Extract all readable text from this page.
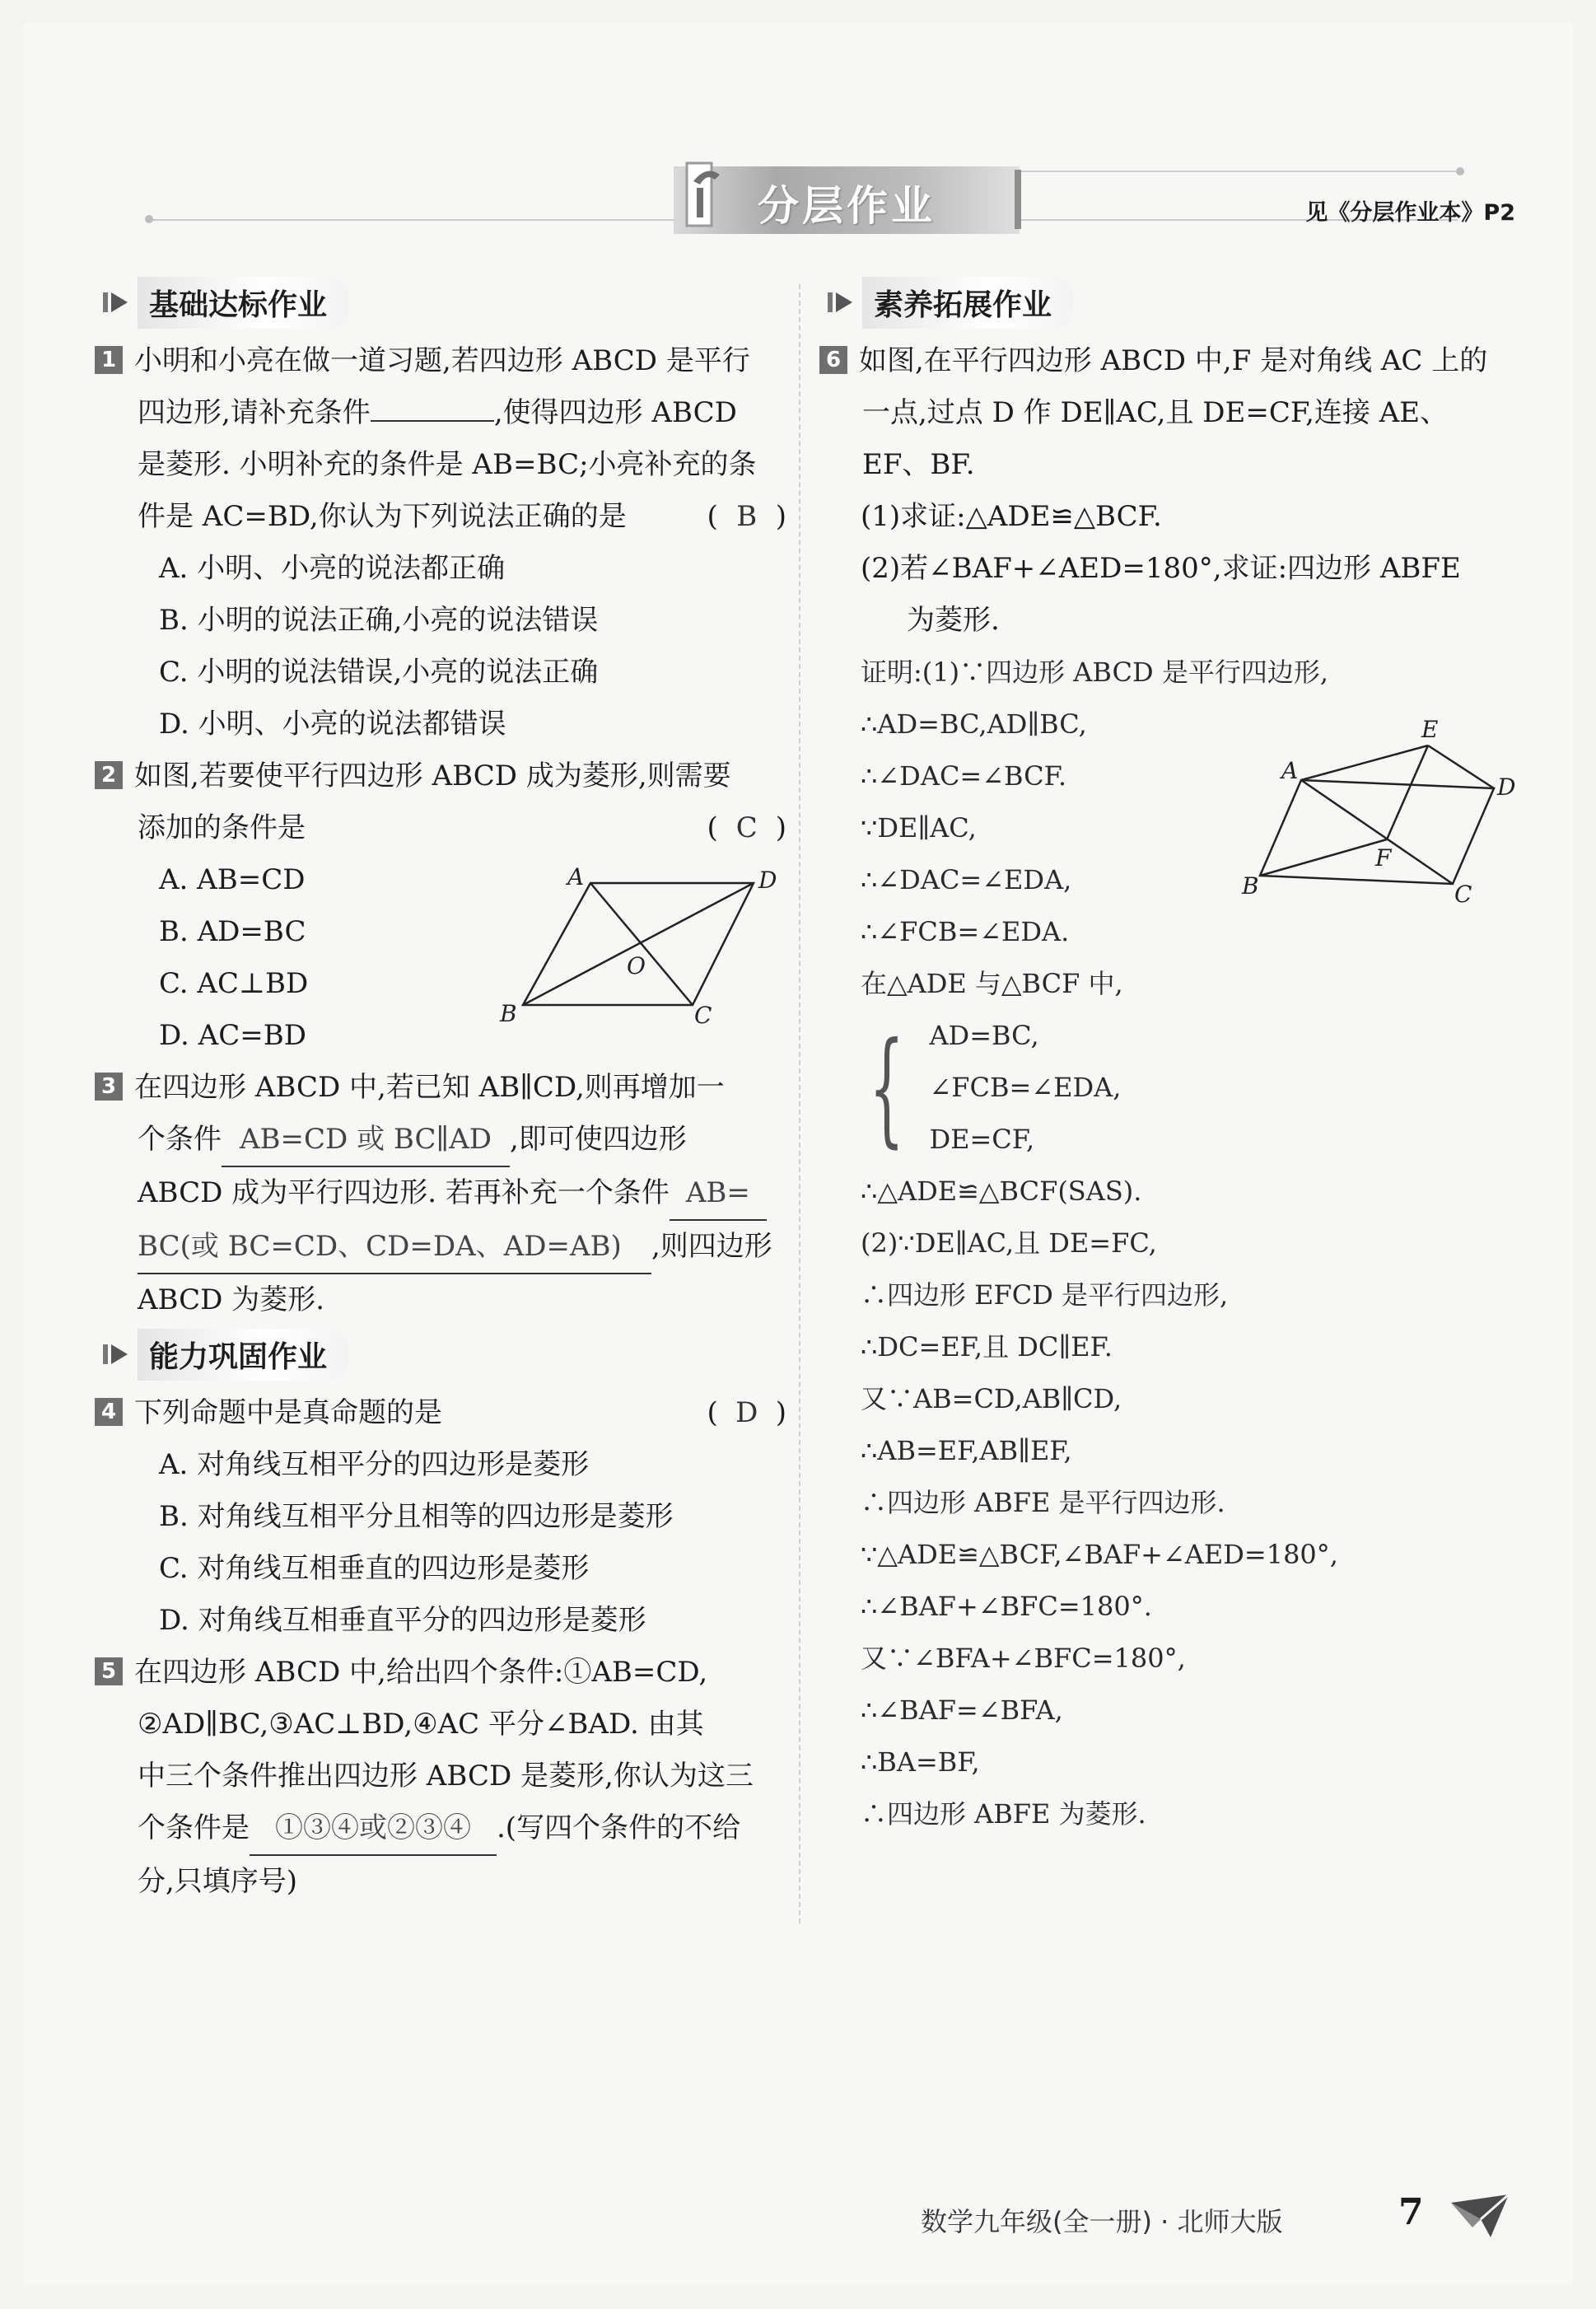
分层作业	见《分层作业本》P2
基础达标作业
1 小明和小亮在做一道习题,若四边形 ABCD 是平行
四边形,请补充条件	,使得四边形 ABCD
是菱形. 小明补充的条件是 AB=BC;小亮补充的条
件是 AC=BD,你认为下列说法正确的是	( B )
A. 小明、小亮的说法都正确
B. 小明的说法正确,小亮的说法错误
C. 小明的说法错误,小亮的说法正确
D. 小明、小亮的说法都错误
2 如图,若要使平行四边形 ABCD 成为菱形,则需要
添加的条件是	( C )
A. AB=CD
B. AD=BC
C. AC⊥BD
D. AC=BD
3 在四边形 ABCD 中,若已知 AB∥CD,则再增加一
个条件 AB=CD 或 BC∥AD ,即可使四边形
ABCD 成为平行四边形. 若再补充一个条件 AB=
BC(或 BC=CD、CD=DA、AD=AB) ,则四边形
ABCD 为菱形.
能力巩固作业
4 下列命题中是真命题的是	( D )
A. 对角线互相平分的四边形是菱形
B. 对角线互相平分且相等的四边形是菱形
C. 对角线互相垂直的四边形是菱形
D. 对角线互相垂直平分的四边形是菱形
5 在四边形 ABCD 中,给出四个条件:①AB=CD,
②AD∥BC,③AC⊥BD,④AC 平分∠BAD. 由其
中三个条件推出四边形 ABCD 是菱形,你认为这三
个条件是 ①③④或②③④ .(写四个条件的不给
分,只填序号)
A	D
B	C
O
素养拓展作业
6 如图,在平行四边形 ABCD 中,F 是对角线 AC 上的
一点,过点 D 作 DE∥AC,且 DE=CF,连接 AE、
EF、BF.
(1)求证:△ADE≌△BCF.
(2)若∠BAF+∠AED=180°,求证:四边形 ABFE
为菱形.
证明:(1)∵四边形 ABCD 是平行四边形,
∴AD=BC,AD∥BC,
∴∠DAC=∠BCF.
∵DE∥AC,
∴∠DAC=∠EDA,
∴∠FCB=∠EDA.
在△ADE 与△BCF 中,
{ AD=BC,
∠FCB=∠EDA,
DE=CF,
∴△ADE≌△BCF(SAS).
(2)∵DE∥AC,且 DE=FC,
∴四边形 EFCD 是平行四边形,
∴DC=EF,且 DC∥EF.
又∵AB=CD,AB∥CD,
∴AB=EF,AB∥EF,
∴四边形 ABFE 是平行四边形.
∵△ADE≌△BCF,∠BAF+∠AED=180°,
∴∠BAF+∠BFC=180°.
又∵∠BFA+∠BFC=180°,
∴∠BAF=∠BFA,
∴BA=BF,
∴四边形 ABFE 为菱形.
A
E
D
B	C
F
数学九年级(全一册) · 北师大版	7
